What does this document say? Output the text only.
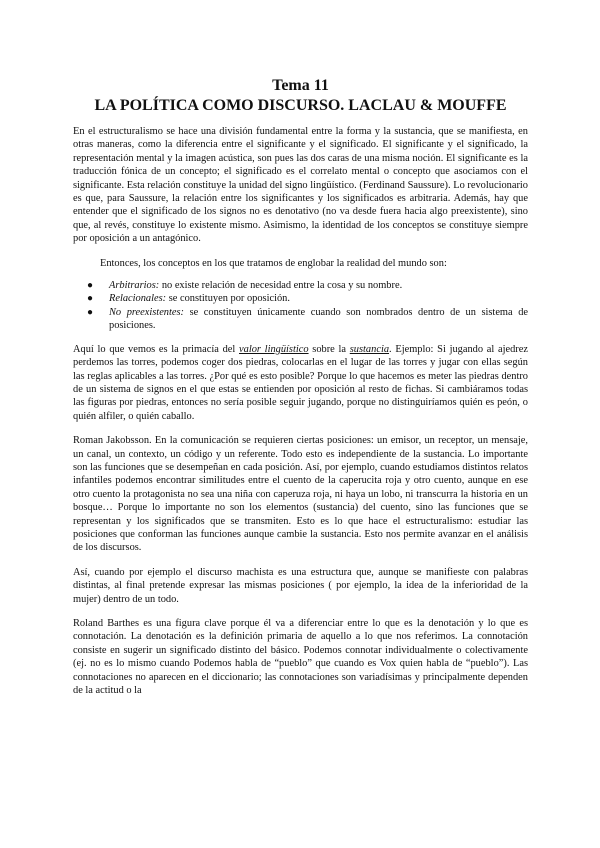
Tema 11
LA POLÍTICA COMO DISCURSO. LACLAU & MOUFFE

En el estructuralismo se hace una división fundamental entre la forma y la sustancia, que se manifiesta, en otras maneras, como la diferencia entre el significante y el significado. El significante y el significado, la representación mental y la imagen acústica, son pues las dos caras de una misma noción. El significante es la traducción fónica de un concepto; el significado es el correlato mental o concepto que asociamos con el significante. Esta relación constituye la unidad del signo lingüístico. (Ferdinand Saussure). Lo revolucionario es que, para Saussure, la relación entre los significantes y los significados es arbitraria. Además, hay que entender que el significado de los signos no es denotativo (no va desde fuera hacia algo preexistente), sino que, al revés, constituye lo existente mismo. Asimismo, la identidad de los conceptos se constituye siempre por oposición a un antagónico.

Entonces, los conceptos en los que tratamos de englobar la realidad del mundo son:

● Arbitrarios: no existe relación de necesidad entre la cosa y su nombre.
● Relacionales: se constituyen por oposición.
● No preexistentes: se constituyen únicamente cuando son nombrados dentro de un sistema de posiciones.

Aquí lo que vemos es la primacía del valor lingüístico sobre la sustancia. Ejemplo: Si jugando al ajedrez perdemos las torres, podemos coger dos piedras, colocarlas en el lugar de las torres y jugar con ellas según las reglas aplicables a las torres. ¿Por qué es esto posible? Porque lo que hacemos es meter las piedras dentro de un sistema de signos en el que estas se entienden por oposición al resto de fichas. Si cambiáramos todas las figuras por piedras, entonces no sería posible seguir jugando, porque no distinguiríamos quién es peón, o quién alfiler, o quién caballo.

Roman Jakobsson. En la comunicación se requieren ciertas posiciones: un emisor, un receptor, un mensaje, un canal, un contexto, un código y un referente. Todo esto es independiente de la sustancia. Lo importante son las funciones que se desempeñan en cada posición. Así, por ejemplo, cuando estudiamos distintos relatos infantiles podemos encontrar similitudes entre el cuento de la caperucita roja y otro cuento, aunque en ese otro cuento la protagonista no sea una niña con caperuza roja, ni haya un lobo, ni transcurra la historia en un bosque… Porque lo importante no son los elementos (sustancia) del cuento, sino las funciones que se representan y los significados que se transmiten. Esto es lo que hace el estructuralismo: estudiar las posiciones que conforman las funciones aunque cambie la sustancia. Esto nos permite avanzar en el análisis de los discursos.

Así, cuando por ejemplo el discurso machista es una estructura que, aunque se manifieste con palabras distintas, al final pretende expresar las mismas posiciones ( por ejemplo, la idea de la inferioridad de la mujer) dentro de un todo.

Roland Barthes es una figura clave porque él va a diferenciar entre lo que es la denotación y lo que es connotación. La denotación es la definición primaria de aquello a lo que nos referimos. La connotación consiste en sugerir un significado distinto del básico. Podemos connotar individualmente o colectivamente (ej. no es lo mismo cuando Podemos habla de “pueblo” que cuando es Vox quien habla de “pueblo”). Las connotaciones no aparecen en el diccionario; las connotaciones son variadísimas y principalmente dependen de la actitud o la
